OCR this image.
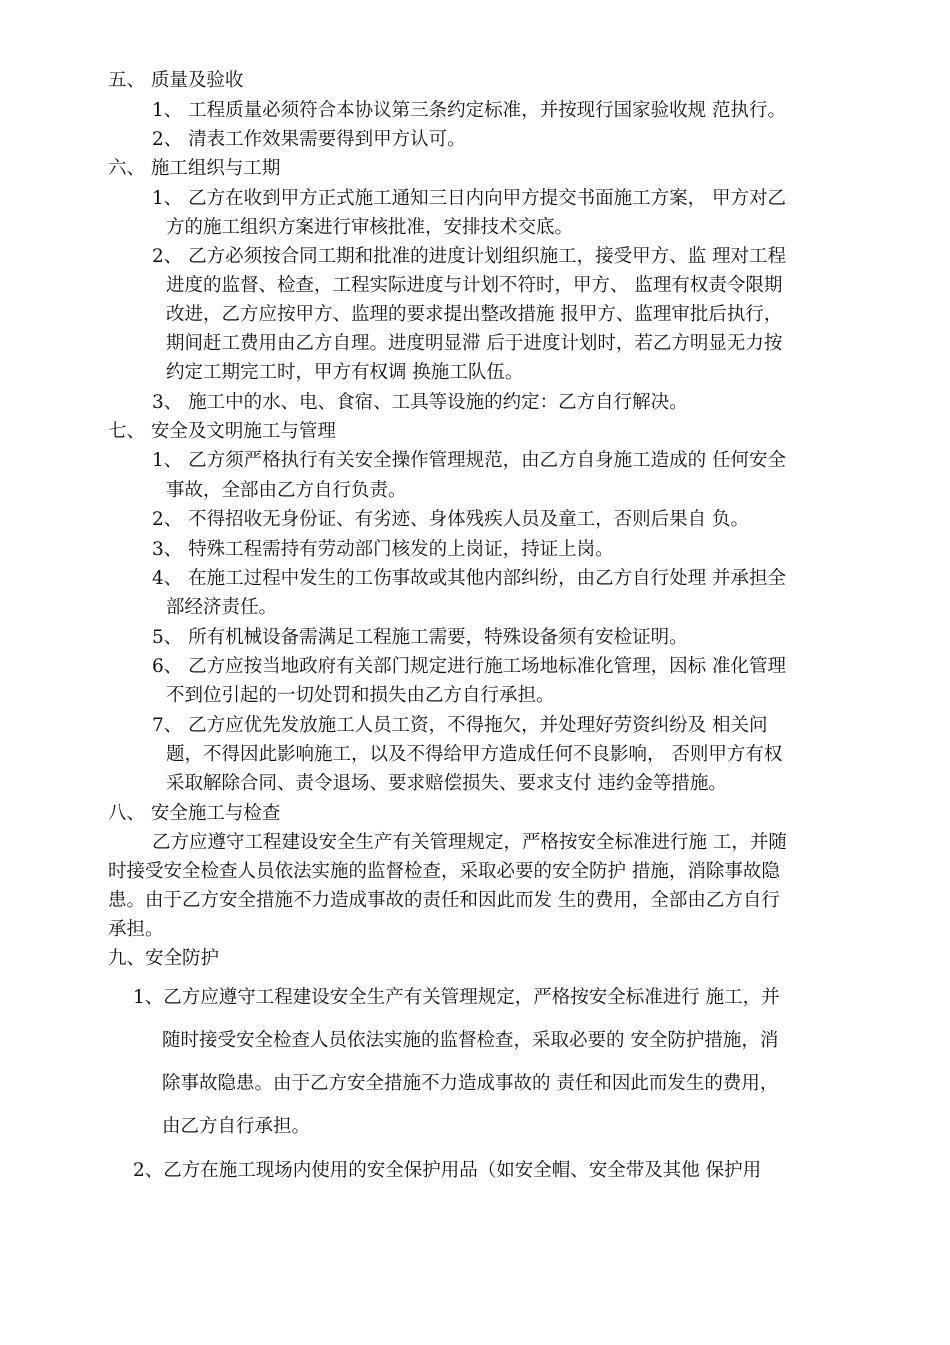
五、 质量及验收
1、 工程质量必须符合本协议第三条约定标准，并按现行国家验收规 范执行。
2、 清表工作效果需要得到甲方认可。
六、 施工组织与工期
1、 乙方在收到甲方正式施工通知三日内向甲方提交书面施工方案， 甲方对乙
方的施工组织方案进行审核批准，安排技术交底。
2、 乙方必须按合同工期和批准的进度计划组织施工，接受甲方、监 理对工程
进度的监督、检查，工程实际进度与计划不符时，甲方、 监理有权责令限期
改进，乙方应按甲方、监理的要求提出整改措施 报甲方、监理审批后执行，
期间赶工费用由乙方自理。进度明显滞 后于进度计划时，若乙方明显无力按
约定工期完工时，甲方有权调 换施工队伍。
3、 施工中的水、电、食宿、工具等设施的约定：乙方自行解决。
七、 安全及文明施工与管理
1、 乙方须严格执行有关安全操作管理规范，由乙方自身施工造成的 任何安全
事故，全部由乙方自行负责。
2、 不得招收无身份证、有劣迹、身体残疾人员及童工，否则后果自 负。
3、 特殊工程需持有劳动部门核发的上岗证，持证上岗。
4、 在施工过程中发生的工伤事故或其他内部纠纷，由乙方自行处理 并承担全
部经济责任。
5、 所有机械设备需满足工程施工需要，特殊设备须有安检证明。
6、 乙方应按当地政府有关部门规定进行施工场地标准化管理，因标 准化管理
不到位引起的一切处罚和损失由乙方自行承担。
7、 乙方应优先发放施工人员工资，不得拖欠，并处理好劳资纠纷及 相关问
题，不得因此影响施工，以及不得给甲方造成任何不良影响， 否则甲方有权
采取解除合同、责令退场、要求赔偿损失、要求支付 违约金等措施。
八、 安全施工与检查
乙方应遵守工程建设安全生产有关管理规定，严格按安全标准进行施 工，并随
时接受安全检查人员依法实施的监督检查，采取必要的安全防护 措施，消除事故隐
患。由于乙方安全措施不力造成事故的责任和因此而发 生的费用，全部由乙方自行
承担。
九、安全防护
1、乙方应遵守工程建设安全生产有关管理规定，严格按安全标准进行 施工，并
随时接受安全检查人员依法实施的监督检查，采取必要的 安全防护措施，消
除事故隐患。由于乙方安全措施不力造成事故的 责任和因此而发生的费用，
由乙方自行承担。
2、乙方在施工现场内使用的安全保护用品（如安全帽、安全带及其他 保护用
